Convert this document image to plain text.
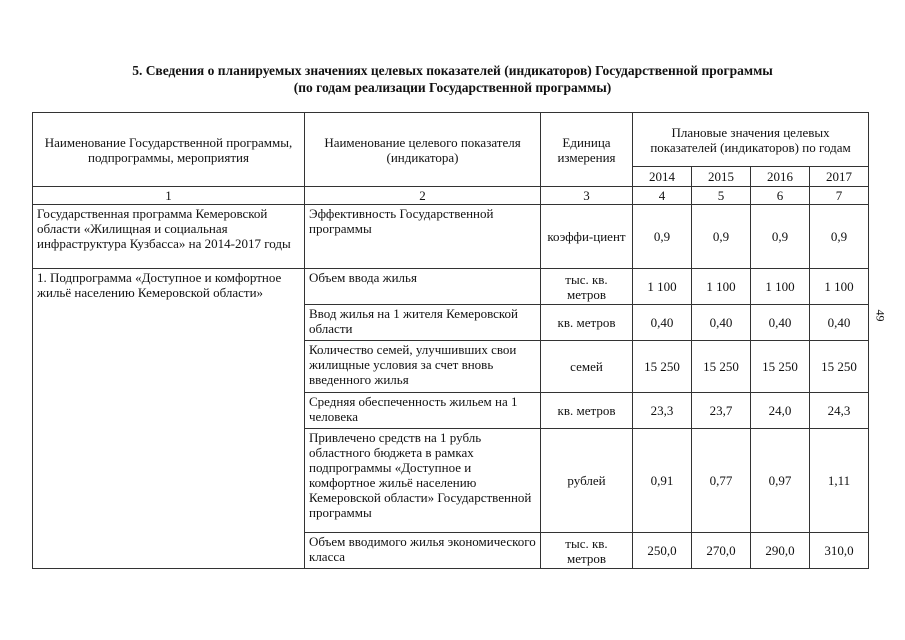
5. Сведения о планируемых значениях целевых показателей (индикаторов) Государственной программы
(по годам реализации Государственной программы)
49
Наименование Государственной программы, подпрограммы, мероприятия	Наименование целевого показателя (индикатора)	Единица измерения	Плановые значения целевых показателей (индикаторов) по годам			
			2014	2015	2016	2017
1	2	3	4	5	6	7
Государственная программа Кемеровской области «Жилищная и социальная инфраструктура Кузбасса» на 2014-2017 годы	Эффективность Государственной программы	коэффи-циент	0,9	0,9	0,9	0,9
1. Подпрограмма «Доступное и комфортное жильё населению Кемеровской области»	Объем ввода жилья	тыс. кв. метров	1 100	1 100	1 100	1 100
	Ввод жилья на 1 жителя Кемеровской области	кв. метров	0,40	0,40	0,40	0,40
	Количество семей, улучшивших свои жилищные условия за счет вновь введенного жилья	семей	15 250	15 250	15 250	15 250
	Средняя обеспеченность жильем на 1 человека	кв. метров	23,3	23,7	24,0	24,3
	Привлечено средств на 1 рубль областного бюджета в рамках подпрограммы «Доступное и комфортное жильё населению Кемеровской области» Государственной программы	рублей	0,91	0,77	0,97	1,11
	Объем вводимого жилья экономического класса	тыс. кв. метров	250,0	270,0	290,0	310,0
